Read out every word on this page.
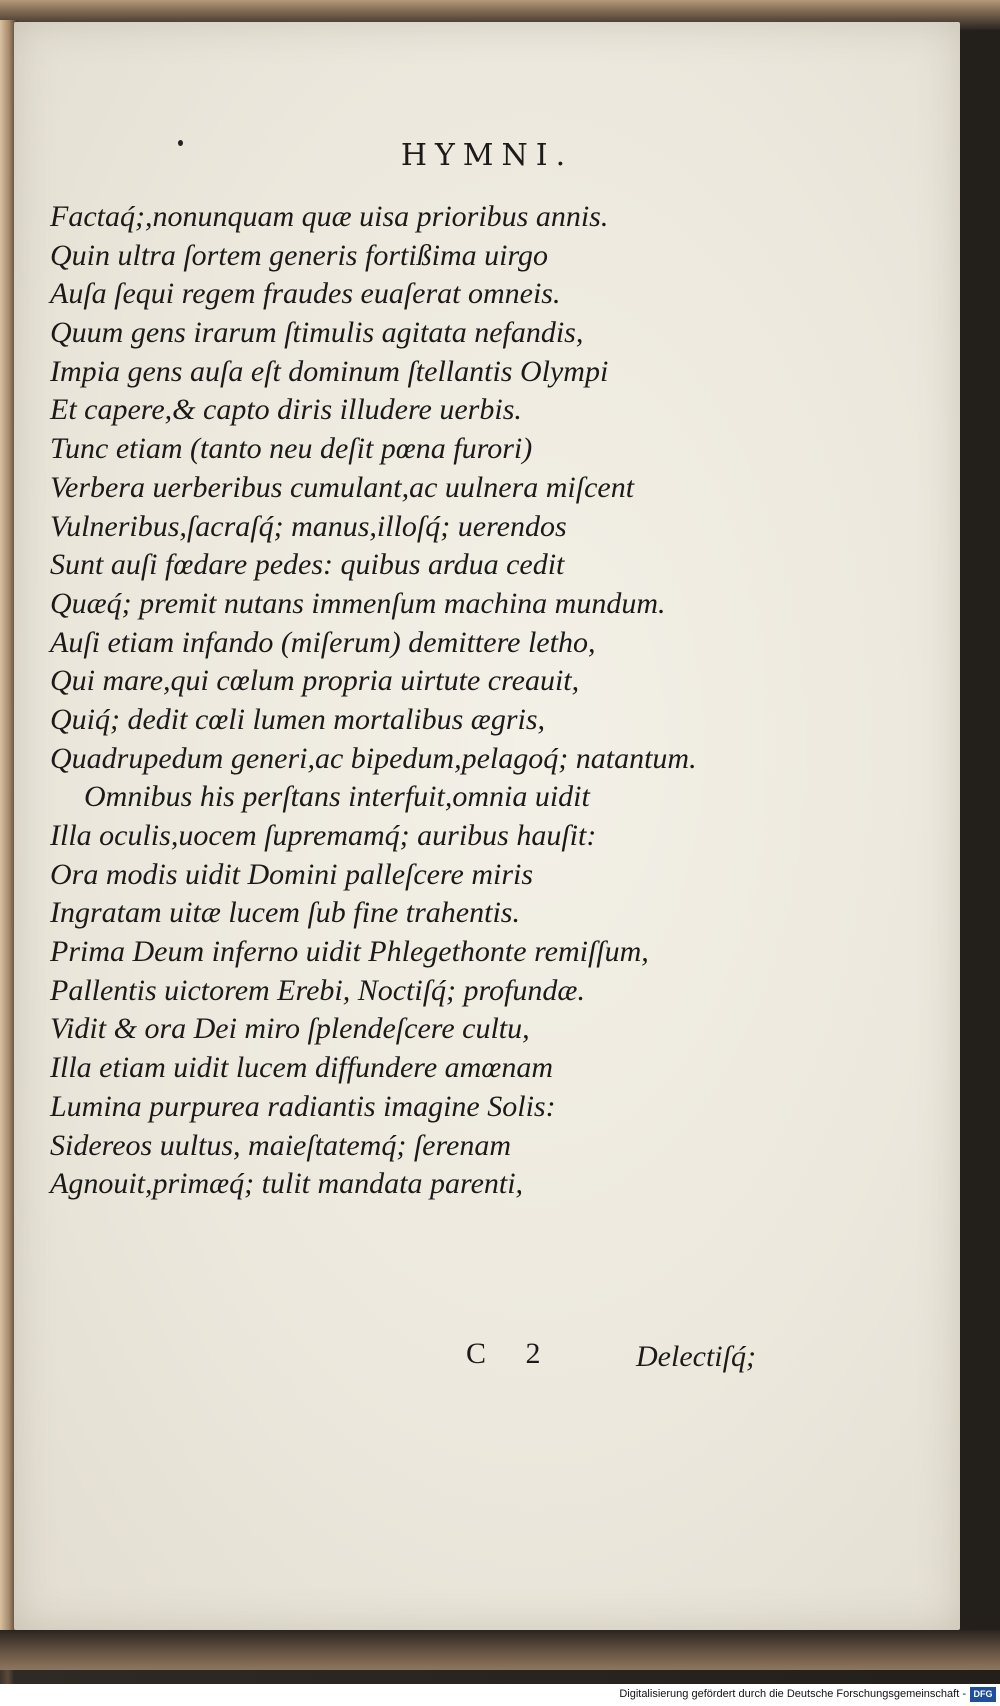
HYMNI.
Factaq́;,nonunquam quæ uisa prioribus annis.
Quin ultra ſortem generis fortißima uirgo
Auſa ſequi regem fraudes euaſerat omneis.
Quum gens irarum ſtimulis agitata nefandis,
Impia gens auſa eſt dominum ſtellantis Olympi
Et capere,& capto diris illudere uerbis.
Tunc etiam (tanto neu deſit pœna furori)
Verbera uerberibus cumulant,ac uulnera miſcent
Vulneribus,ſacraſq́; manus,illoſq́; uerendos
Sunt auſi fœdare pedes: quibus ardua cedit
Quæq́; premit nutans immenſum machina mundum.
Auſi etiam infando (miſerum) demittere letho,
Qui mare,qui cœlum propria uirtute creauit,
Quiq́; dedit cœli lumen mortalibus ægris,
Quadrupedum generi,ac bipedum,pelagoq́; natantum.
Omnibus his perſtans interfuit,omnia uidit
Illa oculis,uocem ſupremamq́; auribus hauſit:
Ora modis uidit Domini palleſcere miris
Ingratam uitæ lucem ſub fine trahentis.
Prima Deum inferno uidit Phlegethonte remiſſum,
Pallentis uictorem Erebi, Noctiſq́; profundæ.
Vidit & ora Dei miro ſplendeſcere cultu,
Illa etiam uidit lucem diffundere amœnam
Lumina purpurea radiantis imagine Solis:
Sidereos uultus, maieſtatemq́; ſerenam
Agnouit,primæq́; tulit mandata parenti,
C 2	Delectiſq́;
Digitalisierung gefördert durch die Deutsche Forschungsgemeinschaft - DFG
